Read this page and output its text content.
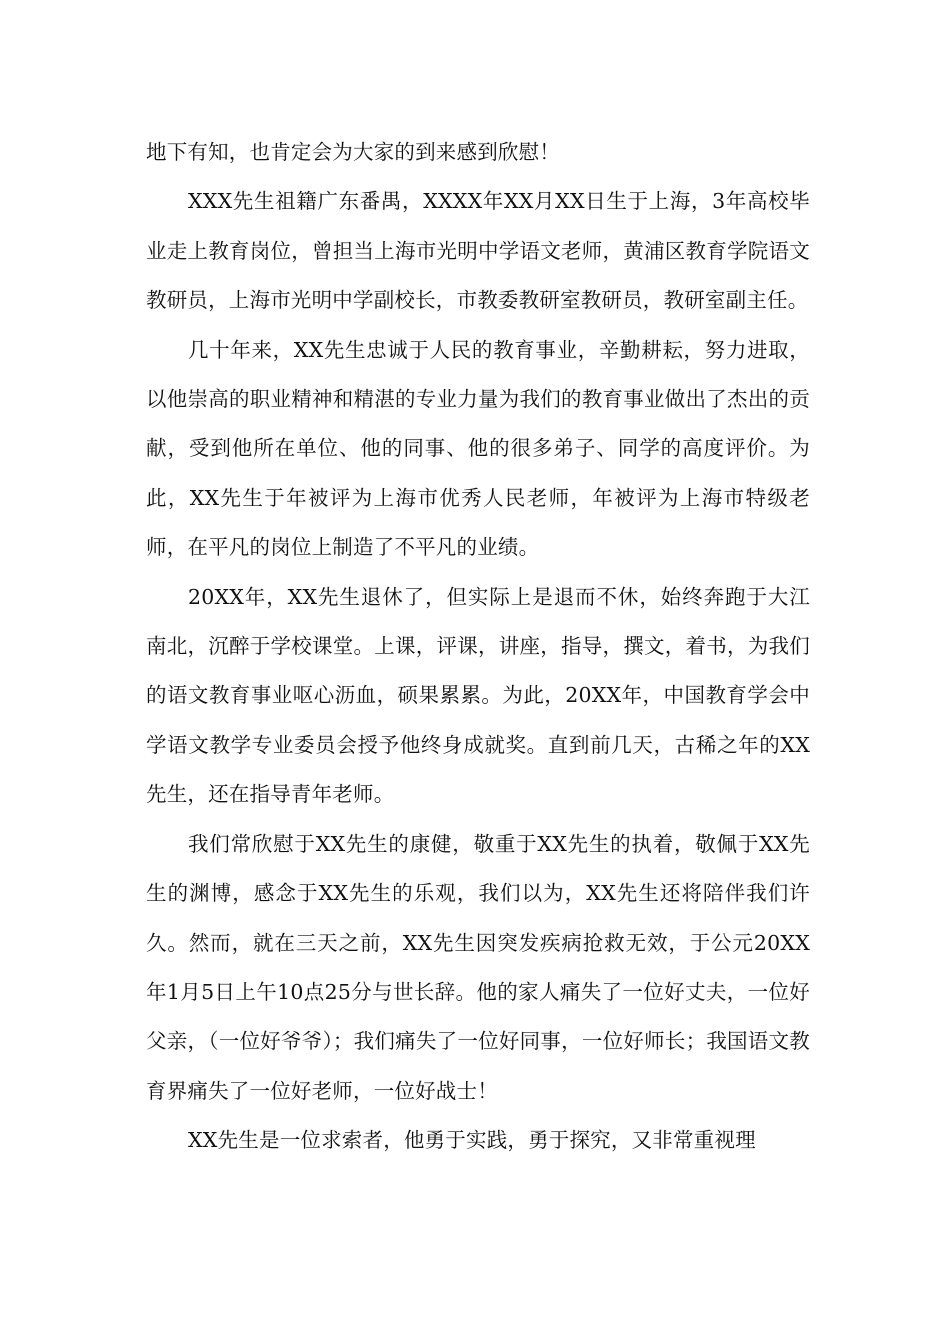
地下有知，也肯定会为大家的到来感到欣慰！

XXX先生祖籍广东番禺，XXXX年XX月XX日生于上海，3年高校毕业走上教育岗位，曾担当上海市光明中学语文老师，黄浦区教育学院语文教研员，上海市光明中学副校长，市教委教研室教研员，教研室副主任。

几十年来，XX先生忠诚于人民的教育事业，辛勤耕耘，努力进取，以他崇高的职业精神和精湛的专业力量为我们的教育事业做出了杰出的贡献，受到他所在单位、他的同事、他的很多弟子、同学的高度评价。为此，XX先生于年被评为上海市优秀人民老师，年被评为上海市特级老师，在平凡的岗位上制造了不平凡的业绩。

20XX年，XX先生退休了，但实际上是退而不休，始终奔跑于大江南北，沉醉于学校课堂。上课，评课，讲座，指导，撰文，着书，为我们的语文教育事业呕心沥血，硕果累累。为此，20XX年，中国教育学会中学语文教学专业委员会授予他终身成就奖。直到前几天，古稀之年的XX先生，还在指导青年老师。

我们常欣慰于XX先生的康健，敬重于XX先生的执着，敬佩于XX先生的渊博，感念于XX先生的乐观，我们以为，XX先生还将陪伴我们许久。然而，就在三天之前，XX先生因突发疾病抢救无效，于公元20XX年1月5日上午10点25分与世长辞。他的家人痛失了一位好丈夫，一位好父亲，（一位好爷爷）；我们痛失了一位好同事，一位好师长；我国语文教育界痛失了一位好老师，一位好战士！

XX先生是一位求索者，他勇于实践，勇于探究，又非常重视理
